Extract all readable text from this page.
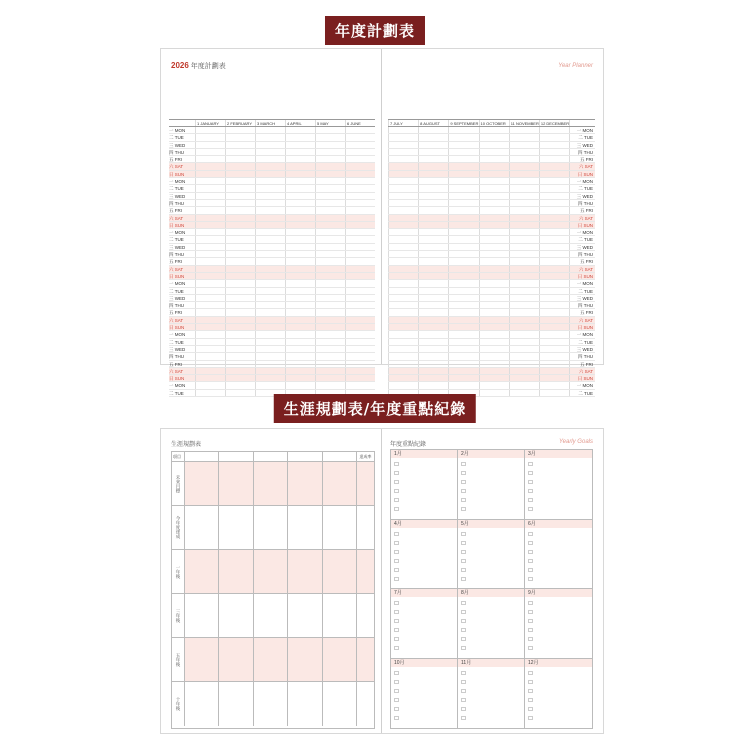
年度計劃表
2026 年度計劃表
1 JANUARY	2 FEBRUARY	3 MARCH	4 APRIL	5 MAY	6 JUNE
一 MON
二 TUE
三 WED
四 THU
五 FRI
六 SAT
日 SUN
一 MON
二 TUE
三 WED
四 THU
五 FRI
六 SAT
日 SUN
一 MON
二 TUE
三 WED
四 THU
五 FRI
六 SAT
日 SUN
一 MON
二 TUE
三 WED
四 THU
五 FRI
六 SAT
日 SUN
一 MON
二 TUE
三 WED
四 THU
五 FRI
六 SAT
日 SUN
一 MON
二 TUE
Year Planner
7 JULY	8 AUGUST	9 SEPTEMBER 10 OCTOBER	11 NOVEMBER 12 DECEMBER
一 MON
二 TUE
三 WED
四 THU
五 FRI
六 SAT
日 SUN
一 MON
二 TUE
三 WED
四 THU
五 FRI
六 SAT
日 SUN
一 MON
二 TUE
三 WED
四 THU
五 FRI
六 SAT
日 SUN
一 MON
二 TUE
三 WED
四 THU
五 FRI
六 SAT
日 SUN
一 MON
二 TUE
三 WED
四 THU
五 FRI
六 SAT
日 SUN
一 MON
二 TUE
生涯規劃表/年度重點紀錄
生涯規劃表
項目	達成率
未來目標
今年度達成
一年後
三年後
五年後
十年後
年度重點紀錄	Yearly Goals
1月	2月	3月
4月	5月	6月
7月	8月	9月
10月	11月	12月
